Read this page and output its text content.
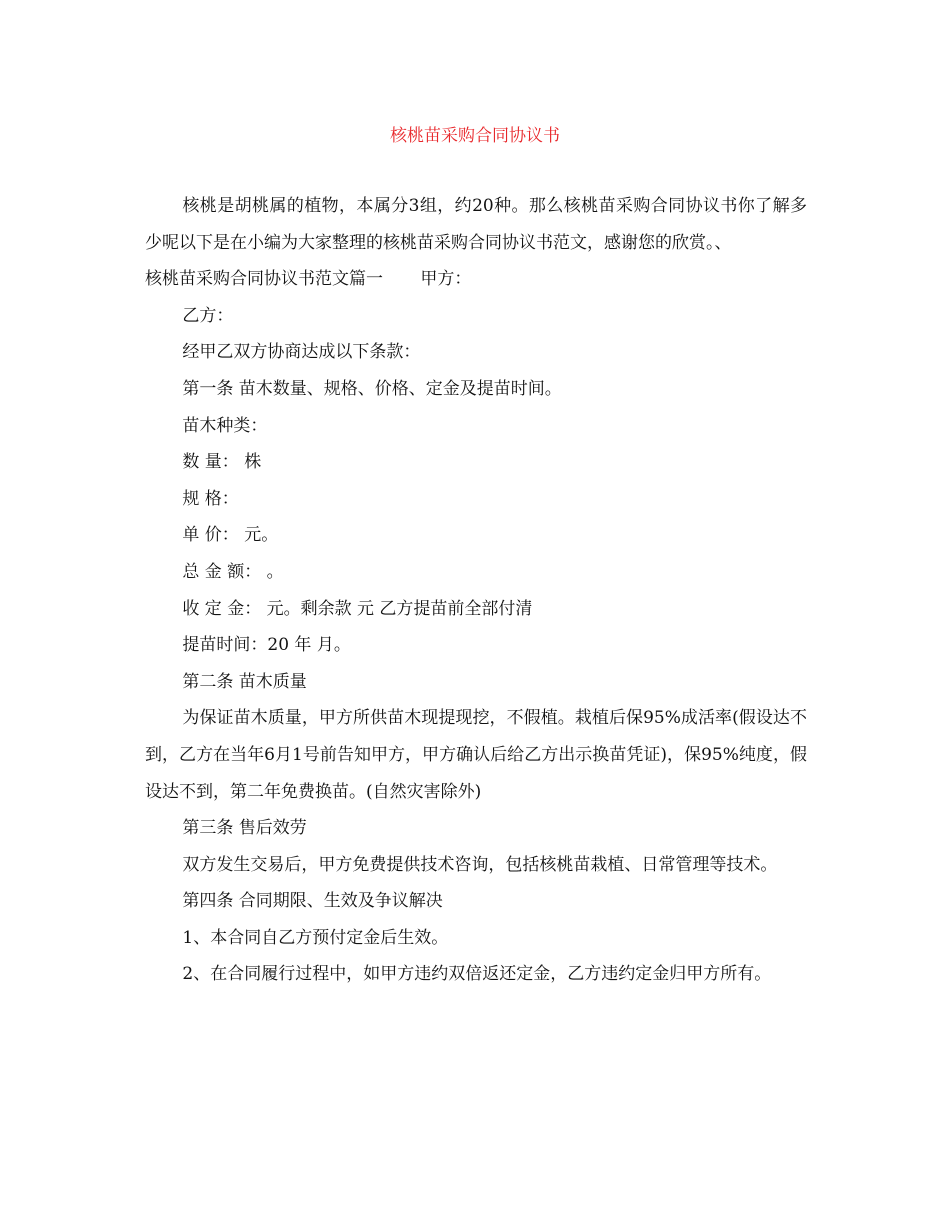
核桃苗采购合同协议书

核桃是胡桃属的植物，本属分3组，约20种。那么核桃苗采购合同协议书你了解多少呢以下是在小编为大家整理的核桃苗采购合同协议书范文，感谢您的欣赏。、

核桃苗采购合同协议书范文篇一 甲方：

乙方：

经甲乙双方协商达成以下条款：

第一条 苗木数量、规格、价格、定金及提苗时间。

苗木种类：

数 量： 株

规 格：

单 价： 元。

总 金 额： 。

收 定 金： 元。剩余款 元 乙方提苗前全部付清

提苗时间：20 年 月。

第二条 苗木质量

为保证苗木质量，甲方所供苗木现提现挖，不假植。栽植后保95%成活率(假设达不到，乙方在当年6月1号前告知甲方，甲方确认后给乙方出示换苗凭证)，保95%纯度，假设达不到，第二年免费换苗。(自然灾害除外)

第三条 售后效劳

双方发生交易后，甲方免费提供技术咨询，包括核桃苗栽植、日常管理等技术。

第四条 合同期限、生效及争议解决

1、本合同自乙方预付定金后生效。

2、在合同履行过程中，如甲方违约双倍返还定金，乙方违约定金归甲方所有。
